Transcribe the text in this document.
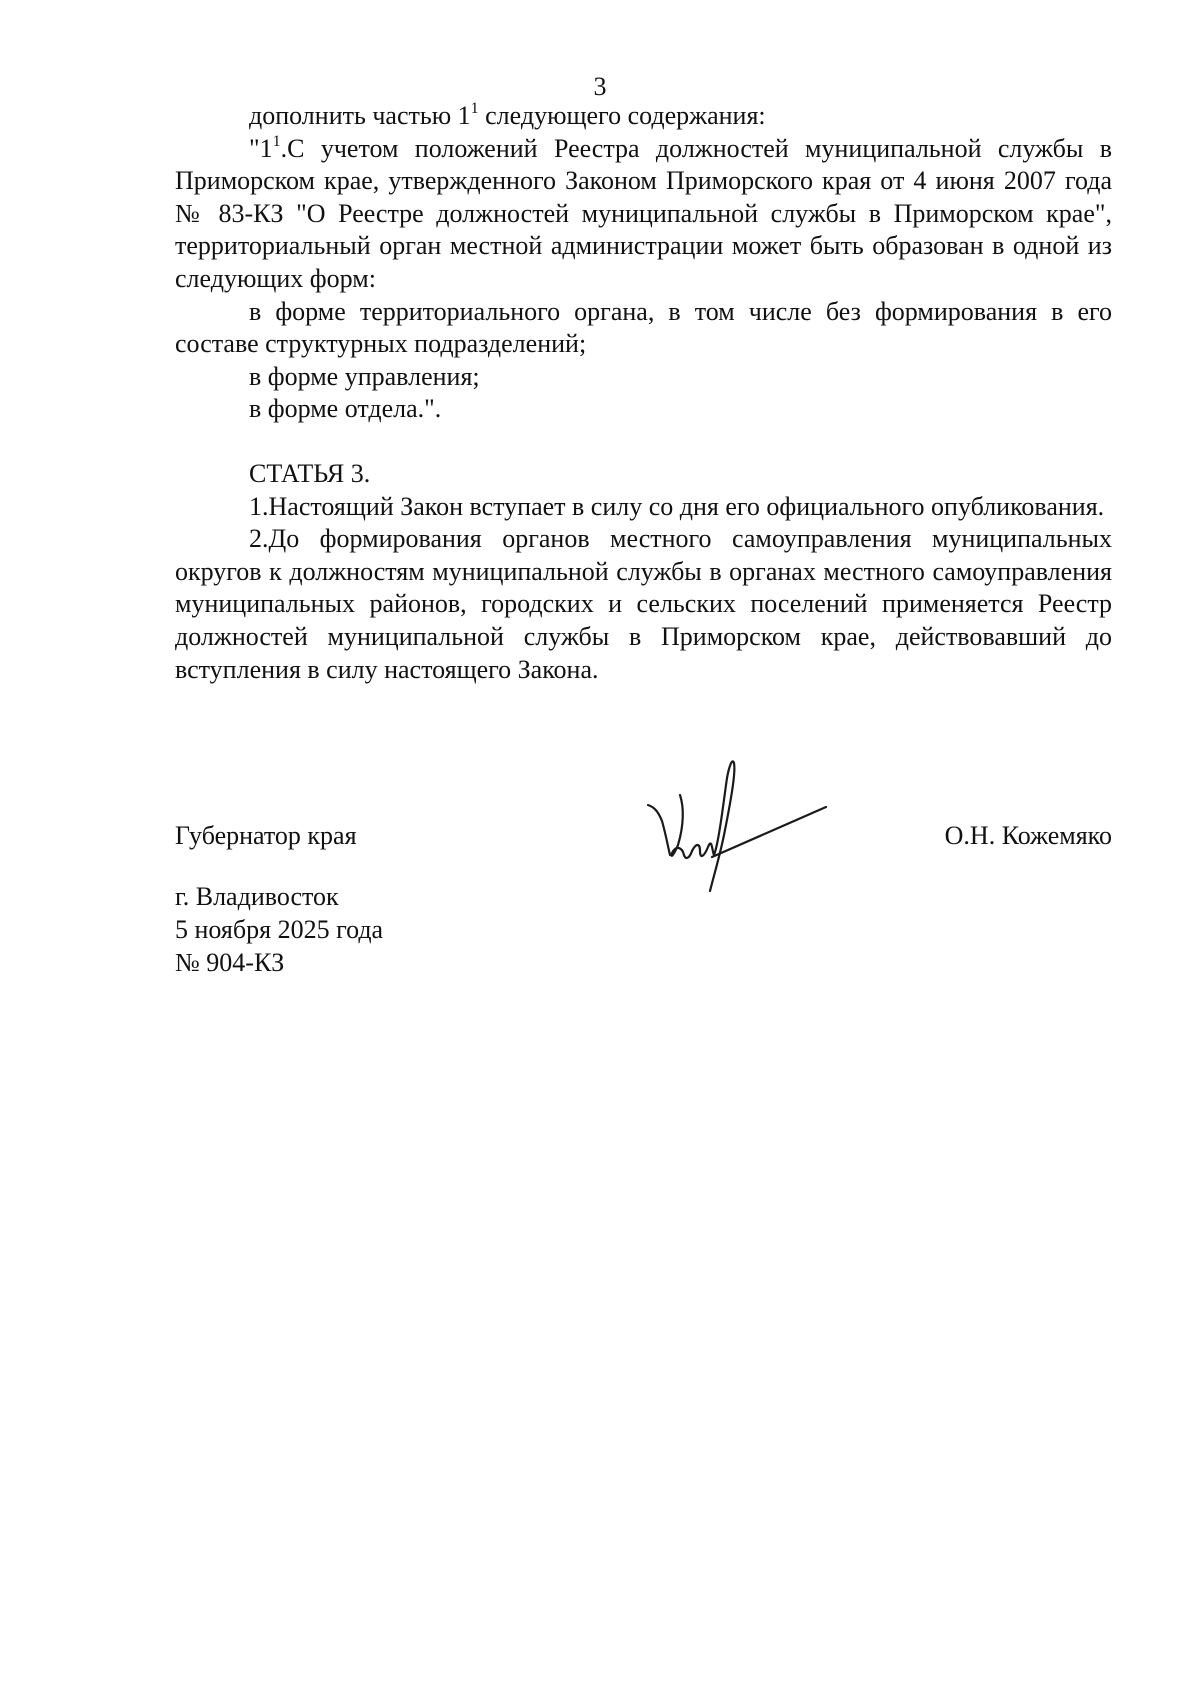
3

дополнить частью $1^1$ следующего содержания:

"$1^1.С$ учетом положений Реестра должностей муниципальной службы в Приморском крае, утвержденного Законом Приморского края от 4 июня 2007 года № 83-КЗ "О Реестре должностей муниципальной службы в Приморском крае", территориальный орган местной администрации может быть образован в одной из следующих форм:

в форме территориального органа, в том числе без формирования в его составе структурных подразделений;

в форме управления;

в форме отдела.".

СТАТЬЯ 3.

1.Настоящий Закон вступает в силу со дня его официального опубликования.

2.До формирования органов местного самоуправления муниципальных округов к должностям муниципальной службы в органах местного самоуправления муниципальных районов, городских и сельских поселений применяется Реестр должностей муниципальной службы в Приморском крае, действовавший до вступления в силу настоящего Закона.

Губернатор края	О.Н. Кожемяко
г. Владивосток
5 ноября 2025 года
№ 904-КЗ
